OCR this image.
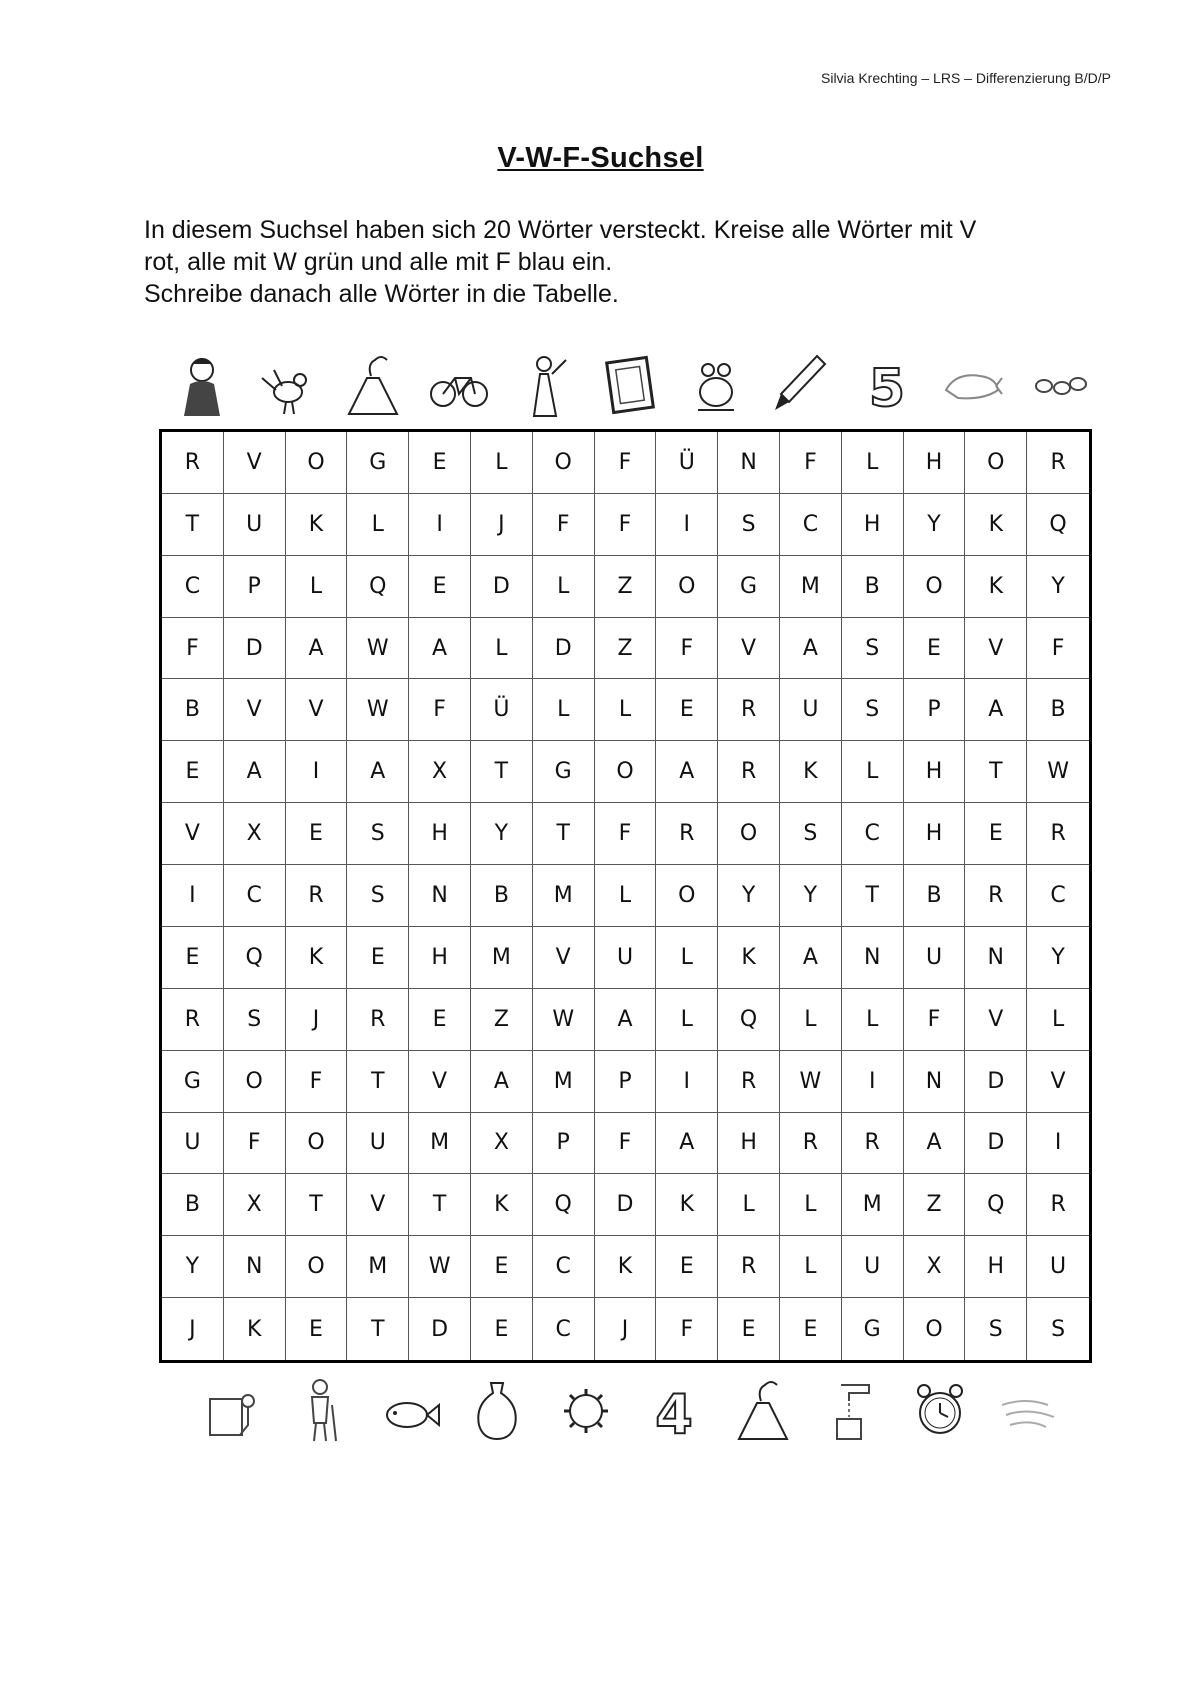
Silvia Krechting – LRS – Differenzierung B/D/P
V-W-F-Suchsel

In diesem Suchsel haben sich 20 Wörter versteckt. Kreise alle Wörter mit V

rot, alle mit W grün und alle mit F blau ein.

Schreibe danach alle Wörter in die Tabelle.

5
R	V	O	G	E	L	O	F	Ü	N	F	L	H	O	R
T	U	K	L	I	J	F	F	I	S	C	H	Y	K	Q
C	P	L	Q	E	D	L	Z	O	G	M	B	O	K	Y
F	D	A	W	A	L	D	Z	F	V	A	S	E	V	F
B	V	V	W	F	Ü	L	L	E	R	U	S	P	A	B
E	A	I	A	X	T	G	O	A	R	K	L	H	T	W
V	X	E	S	H	Y	T	F	R	O	S	C	H	E	R
I	C	R	S	N	B	M	L	O	Y	Y	T	B	R	C
E	Q	K	E	H	M	V	U	L	K	A	N	U	N	Y
R	S	J	R	E	Z	W	A	L	Q	L	L	F	V	L
G	O	F	T	V	A	M	P	I	R	W	I	N	D	V
U	F	O	U	M	X	P	F	A	H	R	R	A	D	I
B	X	T	V	T	K	Q	D	K	L	L	M	Z	Q	R
Y	N	O	M	W	E	C	K	E	R	L	U	X	H	U
J	K	E	T	D	E	C	J	F	E	E	G	O	S	S
4
